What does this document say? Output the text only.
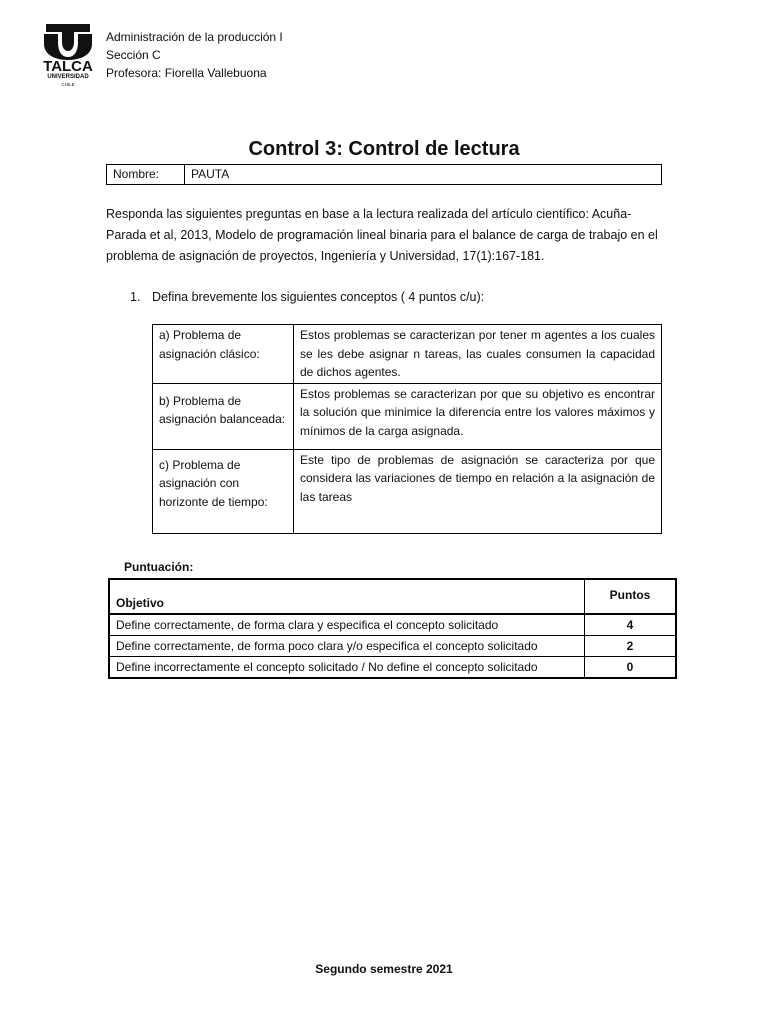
TALCA
UNIVERSIDAD
CHILE
Administración de la producción I
Sección C
Profesora: Fiorella Vallebuona
Control 3: Control de lectura
Nombre:	PAUTA
Responda las siguientes preguntas en base a la lectura realizada del artículo científico: Acuña-Parada et al, 2013, Modelo de programación lineal binaria para el balance de carga de trabajo en el problema de asignación de proyectos, Ingeniería y Universidad, 17(1):167-181.
1. Defina brevemente los siguientes conceptos ( 4 puntos c/u):
a) Problema de asignación clásico:	Estos problemas se caracterizan por tener m agentes a los cuales se les debe asignar n tareas, las cuales consumen la capacidad de dichos agentes.
b) Problema de asignación balanceada:	Estos problemas se caracterizan por que su objetivo es encontrar la solución que minimice la diferencia entre los valores máximos y mínimos de la carga asignada.
c) Problema de asignación con horizonte de tiempo:	Este tipo de problemas de asignación se caracteriza por que considera las variaciones de tiempo en relación a la asignación de las tareas
Puntuación:
Objetivo	Puntos
Define correctamente, de forma clara y especifica el concepto solicitado	4
Define correctamente, de forma poco clara y/o especifica el concepto solicitado	2
Define incorrectamente el concepto solicitado / No define el concepto solicitado	0
Segundo semestre 2021
